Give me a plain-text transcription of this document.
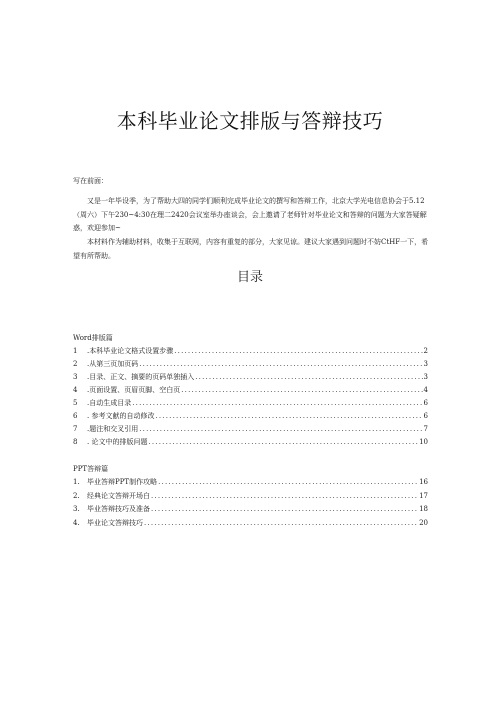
本科毕业论文排版与答辩技巧
写在前面：

又是一年毕设季，为了帮助大四的同学们顺利完成毕业论文的撰写和答辩工作，北京大学光电信息协会于5.12（周六）下午230~4:30在理二2420会议室举办座谈会，会上邀请了老师针对毕业论文和答辩的问题为大家答疑解惑，欢迎参加~

本材料作为辅助材料，收集于互联网，内容有重复的部分，大家见谅。建议大家遇到问题时不妨CtHF一下，希望有所帮助。

目录
Word排版篇
1	.本科毕业论文格式设置步骤 .....	2
2	.从第三页加页码 .....	3
3	.目录、正文、摘要的页码单独插入 .....	3
4	.页面设置、页眉页脚、空白页 .....	4
5	.自动生成目录 .....	6
6	. 参考文献的自动修改 .....	6
7	.题注和交叉引用 .....	7
8	. 论文中的排版问题 .....	10
PPT答辩篇
1.	毕业答辩PPT制作攻略 .....	16
2.	经典论文答辩开场白 .....	17
3.	毕业答辩技巧及准备 .....	18
4.	毕业论文答辩技巧 .....	20
